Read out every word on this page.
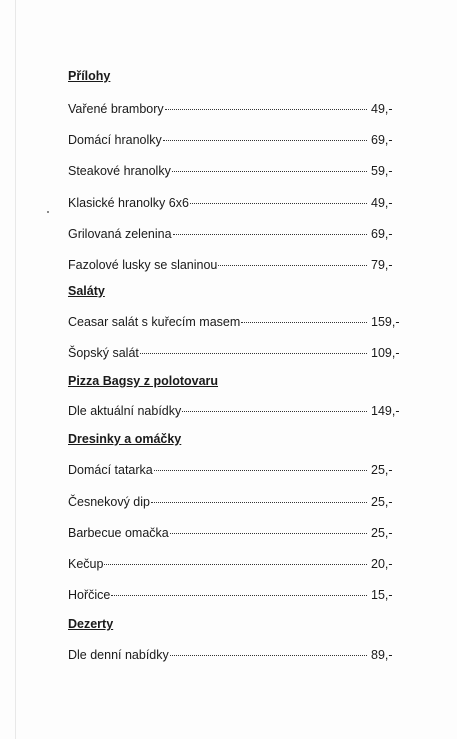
Přílohy
Vařené brambory	49,-
Domácí hranolky	69,-
Steakové hranolky	59,-
Klasické hranolky 6x6	49,-
Grilovaná zelenina	69,-
Fazolové lusky se slaninou	79,-
Saláty
Ceasar salát s kuřecím masem	159,-
Šopský salát	109,-
Pizza Bagsy z polotovaru
Dle aktuální nabídky	149,-
Dresinky a omáčky
Domácí tatarka	25,-
Česnekový dip	25,-
Barbecue omačka	25,-
Kečup	20,-
Hořčice	15,-
Dezerty
Dle denní nabídky	89,-
